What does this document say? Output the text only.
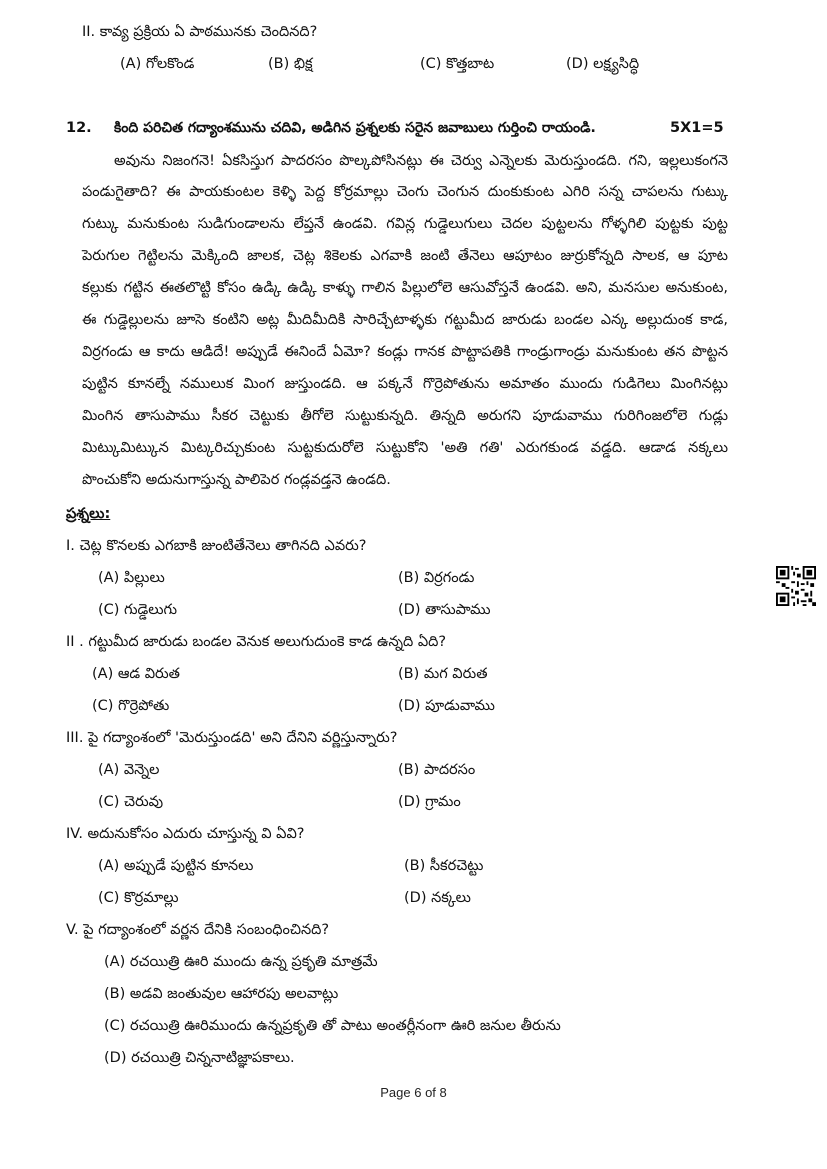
II. కావ్య ప్రక్రియ ఏ పాఠమునకు చెందినది?
(A) గోలకొండ	(B) భిక్ష	(C) కొత్తబాట	(D) లక్ష్యసిద్ధి
12. కింది పరిచిత గద్యాంశమును చదివి, అడిగిన ప్రశ్నలకు సరైన జవాబులు గుర్తించి రాయండి.	5X1=5
అవును నిజంగనె! ఏకసిస్తుగ పాదరసం పొల్కపోసినట్లు ఈ చెర్వు ఎన్నెలకు మెరుస్తుండది. గని, ఇల్లలుకంగనె
పండుగైతాది? ఈ పాయకుంటల కెళ్ళి పెద్ద కోర్రమాల్లు చెంగు చెంగున దుంకుకుంట ఎగిరి సన్న చాపలను గుట్కు
గుట్కు మనుకుంట సుడిగుండాలను లేప్తనే ఉండవి. గవిన్ల గుడ్డెలుగులు చెదల పుట్టలను గోళ్ళగిలి పుట్టకు పుట్ట
పెరుగుల గెట్టిలను మెక్కింది జాలక, చెట్ల శికెలకు ఎగవాకి జంటి తేనెలు ఆపూటం జుర్రుకోన్నది సాలక, ఆ పూట
కల్లుకు గట్టిన ఈతలొట్టి కోసం ఉడ్కి ఉడ్కి కాళ్ళు గాలిన పిల్లులోలె ఆసువోస్తనే ఉండవి. అని, మనసుల అనుకుంట,
ఈ గుడ్డెల్లులను జూసె కంటిని అట్ల మీదిమీదికి సారిచ్చేటాళ్ళకు గట్టుమీద జారుడు బండల ఎన్క అల్లుదుంక కాడ,
విర్రగండు ఆ కాదు ఆడిదే! అప్పుడే ఈనిందే ఏమో? కండ్లు గానక పొట్టాపతికి గాండ్రుగాండ్రు మనుకుంట తన పొట్టన
పుట్టిన కూనల్నే నములుక మింగ జుస్తుండది. ఆ పక్కనే గొర్రెపోతును అమాతం ముందు గుడిగెలు మింగినట్లు
మింగిన తాసుపాము సీకర చెట్టుకు తీగోలె సుట్టుకున్నది. తిన్నది అరుగని పూడువాము గురిగింజలోలె గుడ్లు
మిట్కుమిట్కున మిట్కరిచ్చుకుంట సుట్టకుదురోలె సుట్టుకోని 'అతి గతి' ఎరుగకుండ వడ్డది. ఆడాడ నక్కలు
పొంచుకోని అదునుగాస్తున్న పాలిపెర గండ్లవడ్తనె ఉండది.
ప్రశ్నలు:
I. చెట్ల కొనలకు ఎగబాకి జుంటితేనెలు తాగినది ఎవరు?
(A) పిల్లులు	(B) విర్రగండు
(C) గుడ్డెలుగు	(D) తాసుపాము
II . గట్టుమీద జారుడు బండల వెనుక అలుగుదుంకె కాడ ఉన్నది ఏది?
(A) ఆడ విరుత	(B) మగ విరుత
(C) గొర్రెపోతు	(D) పూడువాము
III. పై గద్యాంశంలో 'మెరుస్తుండది' అని దేనిని వర్ణిస్తున్నారు?
(A) వెన్నెల	(B) పాదరసం
(C) చెరువు	(D) గ్రామం
IV. అదునుకోసం ఎదురు చూస్తున్న వి ఏవి?
(A) అప్పుడే పుట్టిన కూనలు	(B) సీకరచెట్టు
(C) కొర్రమాల్లు	(D) నక్కలు
V. పై గద్యాంశంలో వర్ణన దేనికి సంబంధించినది?
(A) రచయిత్రి ఊరి ముందు ఉన్న ప్రకృతి మాత్రమే
(B) అడవి జంతువుల ఆహారపు అలవాట్లు
(C) రచయిత్రి ఊరిముందు ఉన్నప్రకృతి తో పాటు అంతర్లీనంగా ఊరి జనుల తీరును
(D) రచయిత్రి చిన్ననాటిజ్ఞాపకాలు.
Page 6 of 8
